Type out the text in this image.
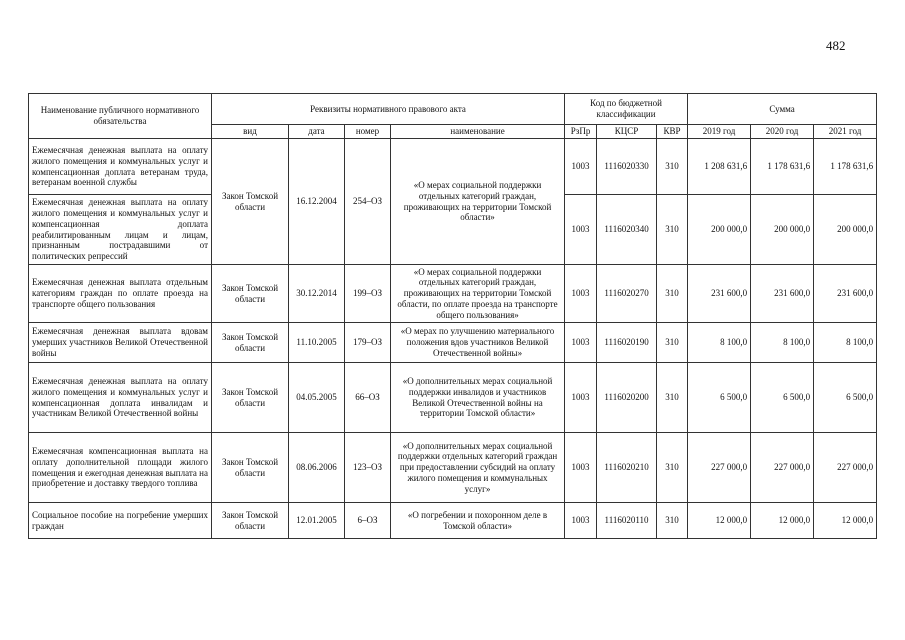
482
Наименование публичного нормативного обязательства	Реквизиты нормативного правового акта				Код по бюджетной классификации			Сумма		
	вид	дата	номер	наименование	РзПр	КЦСР	КВР	2019 год	2020 год	2021 год
Ежемесячная денежная выплата на оплату жилого помещения и коммунальных услуг и компенсационная доплата ветеранам труда, ветеранам военной службы	Закон Томской области	16.12.2004	254–ОЗ	«О мерах социальной поддержки отдельных категорий граждан, проживающих на территории Томской области»	1003	1116020330	310	1 208 631,6	1 178 631,6	1 178 631,6
Ежемесячная денежная выплата на оплату жилого помещения и коммунальных услуг и компенсационная доплата реабилитированным лицам и лицам, признанным пострадавшими от политических репрессий					1003	1116020340	310	200 000,0	200 000,0	200 000,0
Ежемесячная денежная выплата отдельным категориям граждан по оплате проезда на транспорте общего пользования	Закон Томской области	30.12.2014	199–ОЗ	«О мерах социальной поддержки отдельных категорий граждан, проживающих на территории Томской области, по оплате проезда на транспорте общего пользования»	1003	1116020270	310	231 600,0	231 600,0	231 600,0
Ежемесячная денежная выплата вдовам умерших участников Великой Отечественной войны	Закон Томской области	11.10.2005	179–ОЗ	«О мерах по улучшению материального положения вдов участников Великой Отечественной войны»	1003	1116020190	310	8 100,0	8 100,0	8 100,0
Ежемесячная денежная выплата на оплату жилого помещения и коммунальных услуг и компенсационная доплата инвалидам и участникам Великой Отечественной войны	Закон Томской области	04.05.2005	66–ОЗ	«О дополнительных мерах социальной поддержки инвалидов и участников Великой Отечественной войны на территории Томской области»	1003	1116020200	310	6 500,0	6 500,0	6 500,0
Ежемесячная компенсационная выплата на оплату дополнительной площади жилого помещения и ежегодная денежная выплата на приобретение и доставку твердого топлива	Закон Томской области	08.06.2006	123–ОЗ	«О дополнительных мерах социальной поддержки отдельных категорий граждан при предоставлении субсидий на оплату жилого помещения и коммунальных услуг»	1003	1116020210	310	227 000,0	227 000,0	227 000,0
Социальное пособие на погребение умерших граждан	Закон Томской области	12.01.2005	6–ОЗ	«О погребении и похоронном деле в Томской области»	1003	1116020110	310	12 000,0	12 000,0	12 000,0
